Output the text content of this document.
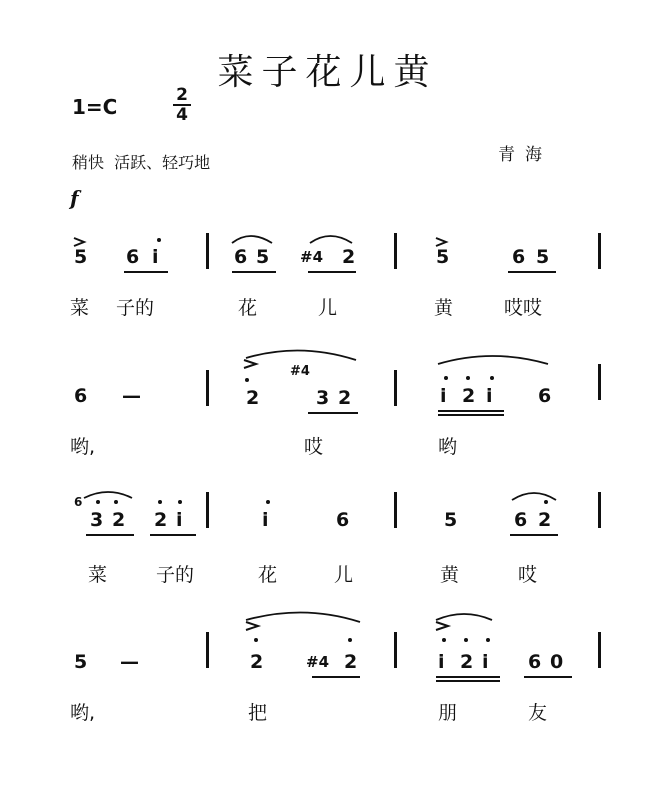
菜子花儿黄
1=C	2
4
稍快  活跃、轻巧地	青海
f
5 6 i	6 5 #4 2	5	6 5
菜 子的	花	儿	黄	哎哎
6 —	2
#4
3 2	i 2 i 6
哟,	哎	哟
6
3 2 2 i	i	6	5	6 2
菜	子的	花	儿	黄	哎
5 —	2	#4 2	i 2 i 6 0
哟,	把	朋	友
